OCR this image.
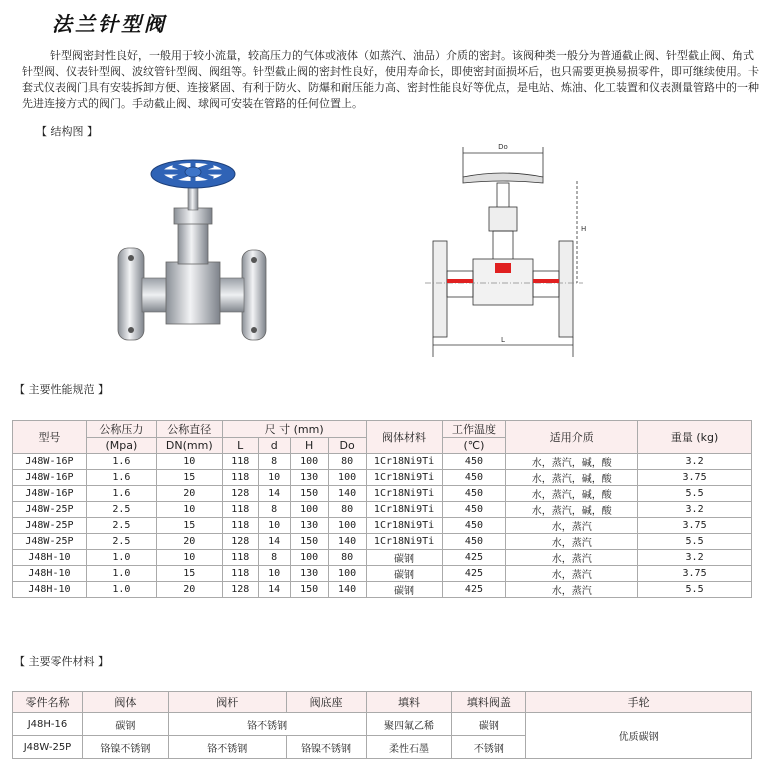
法兰针型阀
针型阀密封性良好，一般用于较小流量，较高压力的气体或液体（如蒸汽、油品）介质的密封。该阀种类一般分为普通截止阀、针型截止阀、角式针型阀、仪表针型阀、波纹管针型阀、阀组等。针型截止阀的密封性良好，使用寿命长，即使密封面损坏后，也只需要更换易损零件，即可继续使用。卡套式仪表阀门具有安装拆卸方便、连接紧固、有利于防火、防爆和耐压能力高、密封性能良好等优点，是电站、炼油、化工装置和仪表测量管路中的一种先进连接方式的阀门。手动截止阀、球阀可安装在管路的任何位置上。
【 结构图 】
Do
H
L
【 主要性能规范 】
型号	公称压力	公称直径	尺 寸 (mm)				阀体材料	工作温度	适用介质	重量 (kg)
	(Mpa)	DN(mm)	L	d	H	Do		(℃)		
J48W-16P	1.6	10	118	8	100	80	1Cr18Ni9Ti	450	水，蒸汽，碱，酸	3.2
J48W-16P	1.6	15	118	10	130	100	1Cr18Ni9Ti	450	水，蒸汽，碱，酸	3.75
J48W-16P	1.6	20	128	14	150	140	1Cr18Ni9Ti	450	水，蒸汽，碱，酸	5.5
J48W-25P	2.5	10	118	8	100	80	1Cr18Ni9Ti	450	水，蒸汽，碱，酸	3.2
J48W-25P	2.5	15	118	10	130	100	1Cr18Ni9Ti	450	水，蒸汽	3.75
J48W-25P	2.5	20	128	14	150	140	1Cr18Ni9Ti	450	水，蒸汽	5.5
J48H-10	1.0	10	118	8	100	80	碳钢	425	水，蒸汽	3.2
J48H-10	1.0	15	118	10	130	100	碳钢	425	水，蒸汽	3.75
J48H-10	1.0	20	128	14	150	140	碳钢	425	水，蒸汽	5.5
【 主要零件材料 】
零件名称	阀体	阀杆	阀底座	填料	填料阀盖	手轮
J48H-16	碳钢	铬不锈钢		聚四氟乙稀	碳钢	优质碳钢
J48W-25P	铬镍不锈钢	铬不锈钢	铬镍不锈钢	柔性石墨	不锈钢	
